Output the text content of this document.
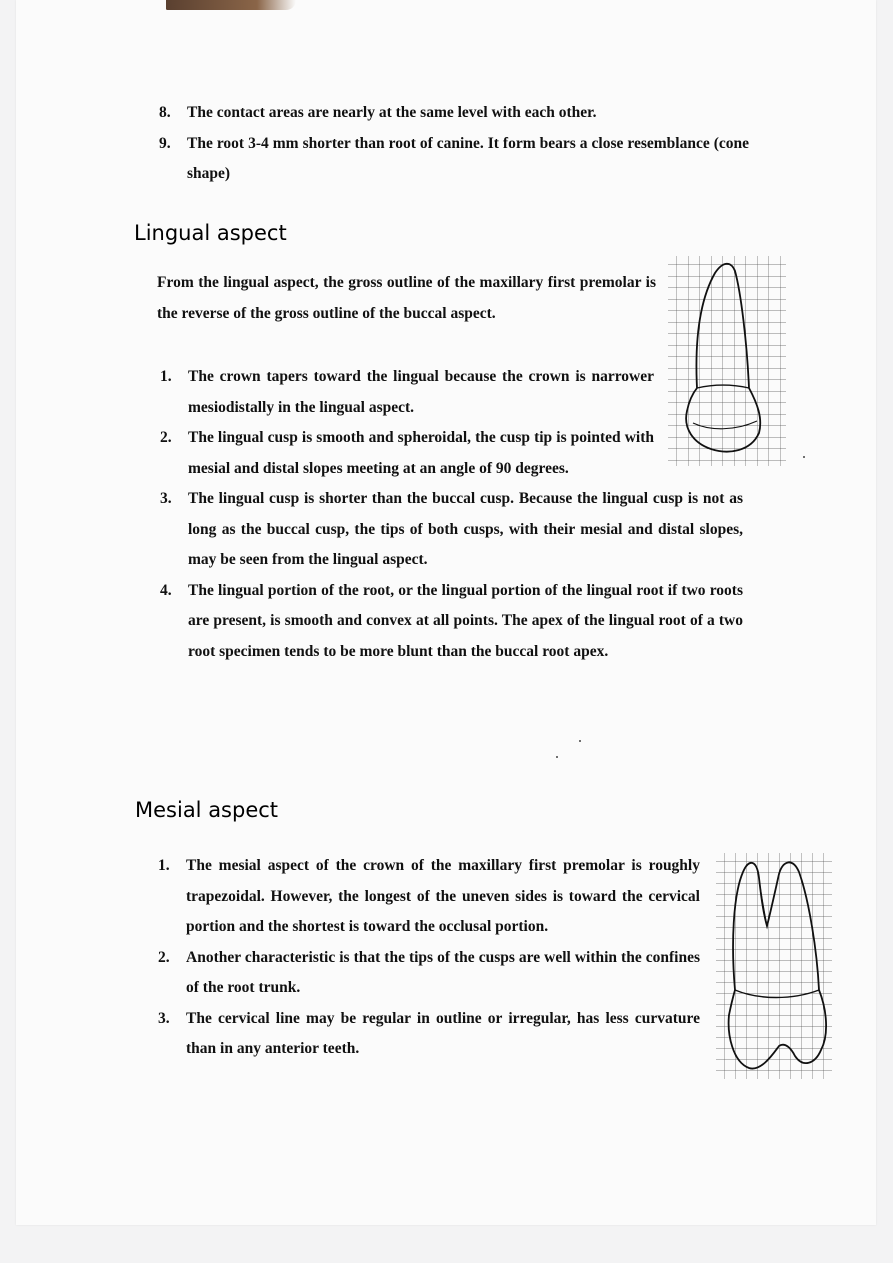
8. The contact areas are nearly at the same level with each other.
9. The root 3-4 mm shorter than root of canine. It form bears a close resemblance (cone shape)
Lingual aspect

From the lingual aspect, the gross outline of the maxillary first premolar is the reverse of the gross outline of the buccal aspect.

1. The crown tapers toward the lingual because the crown is narrower mesiodistally in the lingual aspect.
2. The lingual cusp is smooth and spheroidal, the cusp tip is pointed with mesial and distal slopes meeting at an angle of 90 degrees.
3. The lingual cusp is shorter than the buccal cusp. Because the lingual cusp is not as long as the buccal cusp, the tips of both cusps, with their mesial and distal slopes, may be seen from the lingual aspect.
4. The lingual portion of the root, or the lingual portion of the lingual root if two roots are present, is smooth and convex at all points. The apex of the lingual root of a two root specimen tends to be more blunt than the buccal root apex.
Mesial aspect
1. The mesial aspect of the crown of the maxillary first premolar is roughly trapezoidal. However, the longest of the uneven sides is toward the cervical portion and the shortest is toward the occlusal portion.
2. Another characteristic is that the tips of the cusps are well within the confines of the root trunk.
3. The cervical line may be regular in outline or irregular, has less curvature than in any anterior teeth.
